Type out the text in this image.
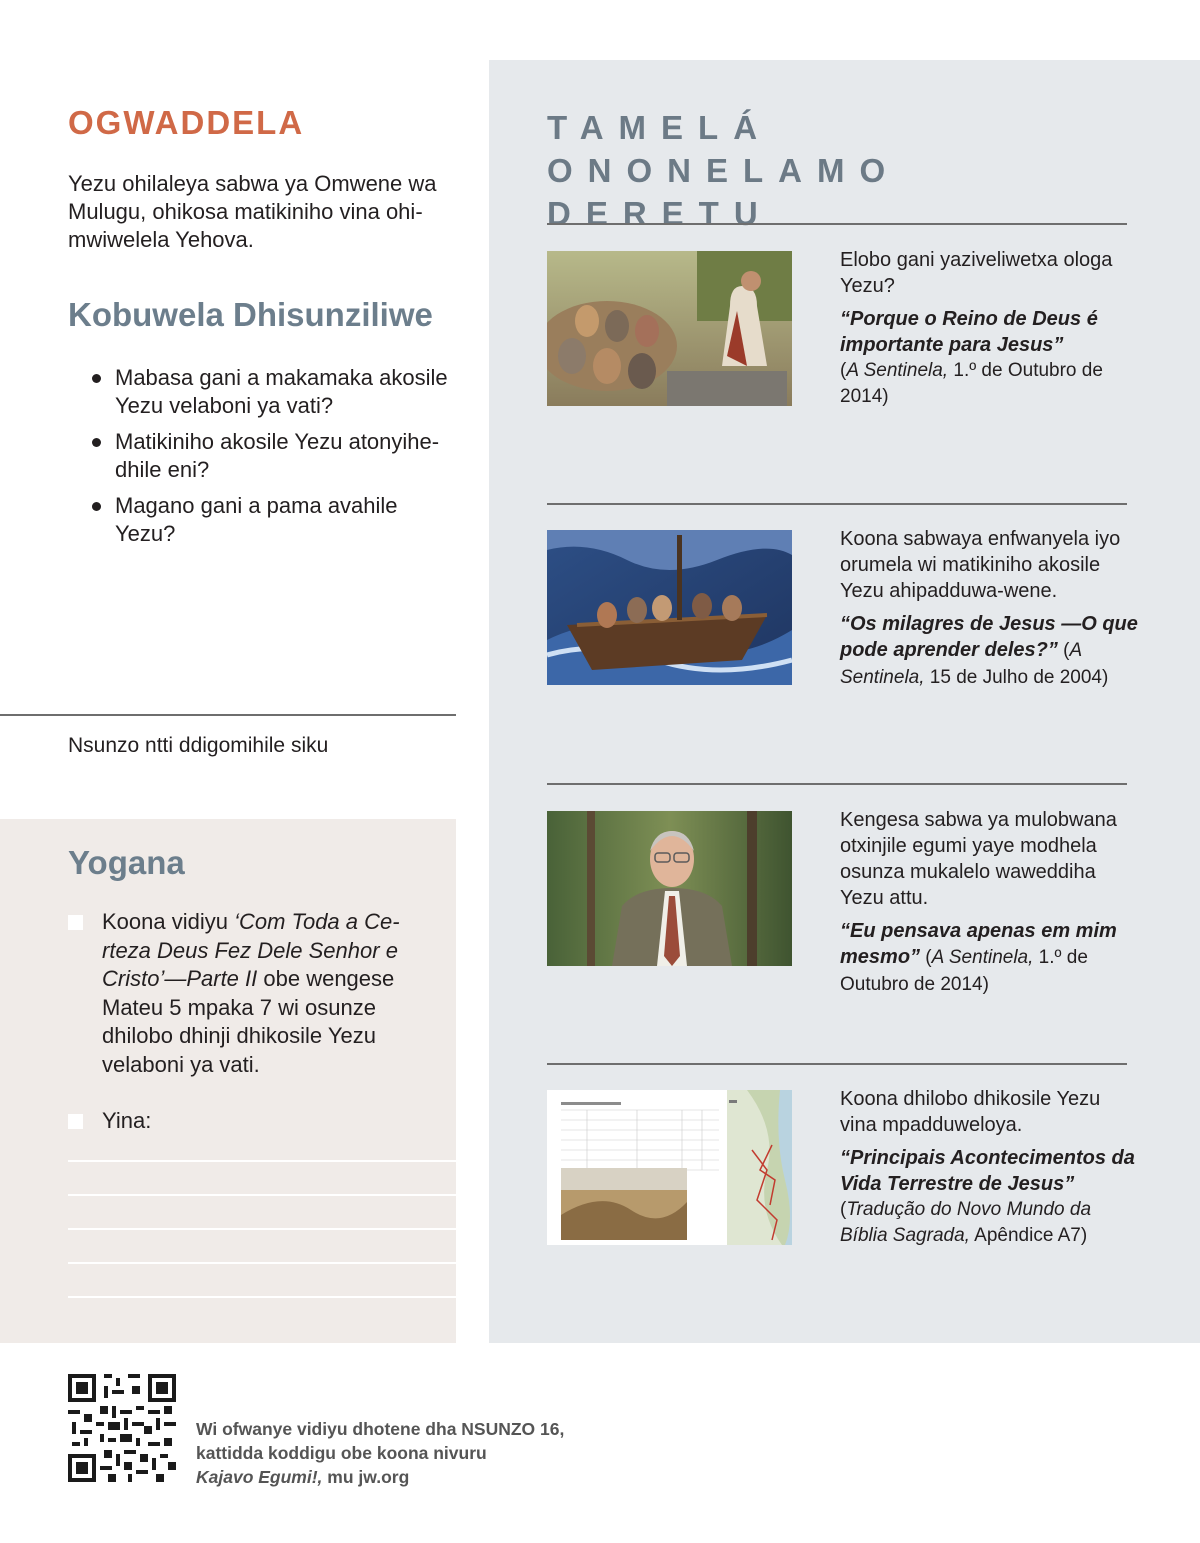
TAMELÁ ONONELAMO DERETU
Elobo gani yaziveliwetxa ologa Yezu?
“Porque o Reino de Deus é importante para Jesus”
(A Sentinela, 1.º de Outubro de 2014)
Koona sabwaya enfwanyela iyo orumela wi matikiniho akosile Yezu ahipadduwa-wene.
“Os milagres de Jesus —O que pode aprender deles?” (A Sentinela, 15 de Julho de 2004)
Kengesa sabwa ya mulobwana otxinjile egumi yaye modhela osunza mukalelo waweddiha Yezu attu.
“Eu pensava apenas em mim mesmo” (A Sentinela, 1.º de Outubro de 2014)
Koona dhilobo dhikosile Yezu vina mpadduweloya.
“Principais Acontecimentos da Vida Terrestre de Jesus”
(Tradução do Novo Mundo da Bíblia Sagrada, Apêndice A7)
OGWADDELA
Yezu ohilaleya sabwa ya Omwene wa Mulugu, ohikosa matikiniho vina ohimwiwelela Yehova.
Kobuwela Dhisunziliwe
Mabasa gani a makamaka akosile Yezu velaboni ya vati?
Matikiniho akosile Yezu atonyihedhile eni?
Magano gani a pama avahile Yezu?
Nsunzo ntti ddigomihile siku
Yogana
Koona vidiyu ‘Com Toda a Certeza Deus Fez Dele Senhor e Cristo’—Parte II obe wengese Mateu 5 mpaka 7 wi osunze dhilobo dhinji dhikosile Yezu velaboni ya vati.
Yina:
Wi ofwanye vidiyu dhotene dha NSUNZO 16,
kattidda koddigu obe koona nivuru
Kajavo Egumi!, mu jw.org
